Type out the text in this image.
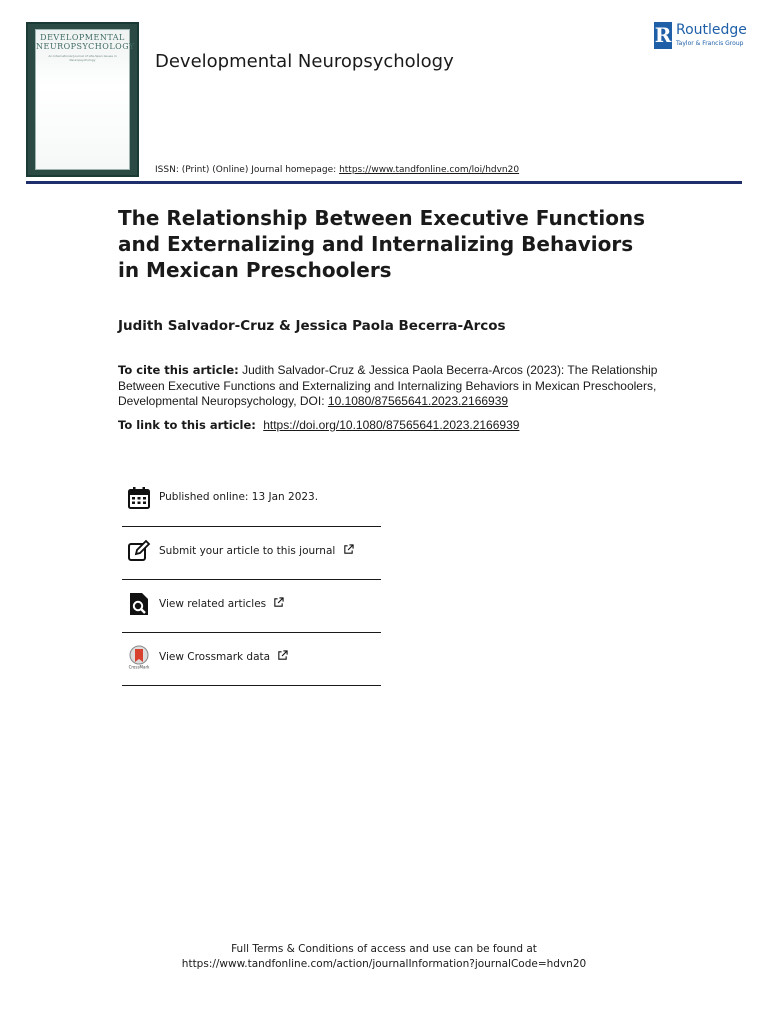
DEVELOPMENTAL
NEUROPSYCHOLOGY
An International Journal of Life-Span Issues in Neuropsychology	Developmental Neuropsychology
ISSN: (Print) (Online) Journal homepage: https://www.tandfonline.com/loi/hdvn20
R Routledge
Taylor & Francis Group
The Relationship Between Executive Functions and Externalizing and Internalizing Behaviors in Mexican Preschoolers
Judith Salvador-Cruz & Jessica Paola Becerra-Arcos
To cite this article: Judith Salvador-Cruz & Jessica Paola Becerra-Arcos (2023): The Relationship Between Executive Functions and Externalizing and Internalizing Behaviors in Mexican Preschoolers, Developmental Neuropsychology, DOI: 10.1080/87565641.2023.2166939
To link to this article: https://doi.org/10.1080/87565641.2023.2166939
Published online: 13 Jan 2023.
Submit your article to this journal
View related articles
CrossMark
View Crossmark data
Full Terms & Conditions of access and use can be found at
https://www.tandfonline.com/action/journalInformation?journalCode=hdvn20
